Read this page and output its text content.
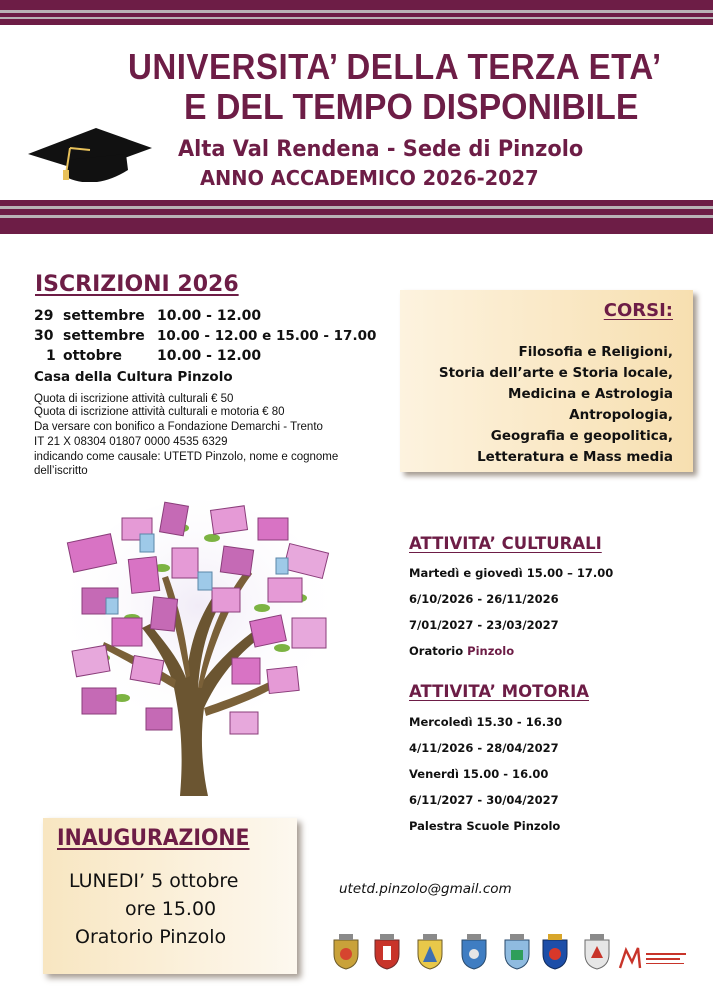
UNIVERSITA’ DELLA TERZA ETA’
E DEL TEMPO DISPONIBILE
Alta Val Rendena - Sede di Pinzolo
ANNO ACCADEMICO 2026-2027
ISCRIZIONI 2026
29 settembre 10.00 - 12.00
30 settembre 10.00 - 12.00 e 15.00 - 17.00
1 ottobre 10.00 - 12.00
Casa della Cultura Pinzolo
Quota di iscrizione attività culturali € 50
Quota di iscrizione attività culturali e motoria € 80
Da versare con bonifico a Fondazione Demarchi - Trento
IT 21 X 08304 01807 0000 4535 6329
indicando come causale: UTETD Pinzolo, nome e cognome
dell’iscritto
CORSI:
Filosofia e Religioni,
Storia dell’arte e Storia locale,
Medicina e Astrologia
Antropologia,
Geografia e geopolitica,
Letteratura e Mass media
ATTIVITA’ CULTURALI
Martedì e giovedì 15.00 – 17.00
6/10/2026 - 26/11/2026
7/01/2027 - 23/03/2027
Oratorio Pinzolo
ATTIVITA’ MOTORIA
Mercoledì 15.30 - 16.30
4/11/2026 - 28/04/2027
Venerdì 15.00 - 16.00
6/11/2027 - 30/04/2027
Palestra Scuole Pinzolo
INAUGURAZIONE
LUNEDI’ 5 ottobre
ore 15.00
Oratorio Pinzolo
utetd.pinzolo@gmail.com
